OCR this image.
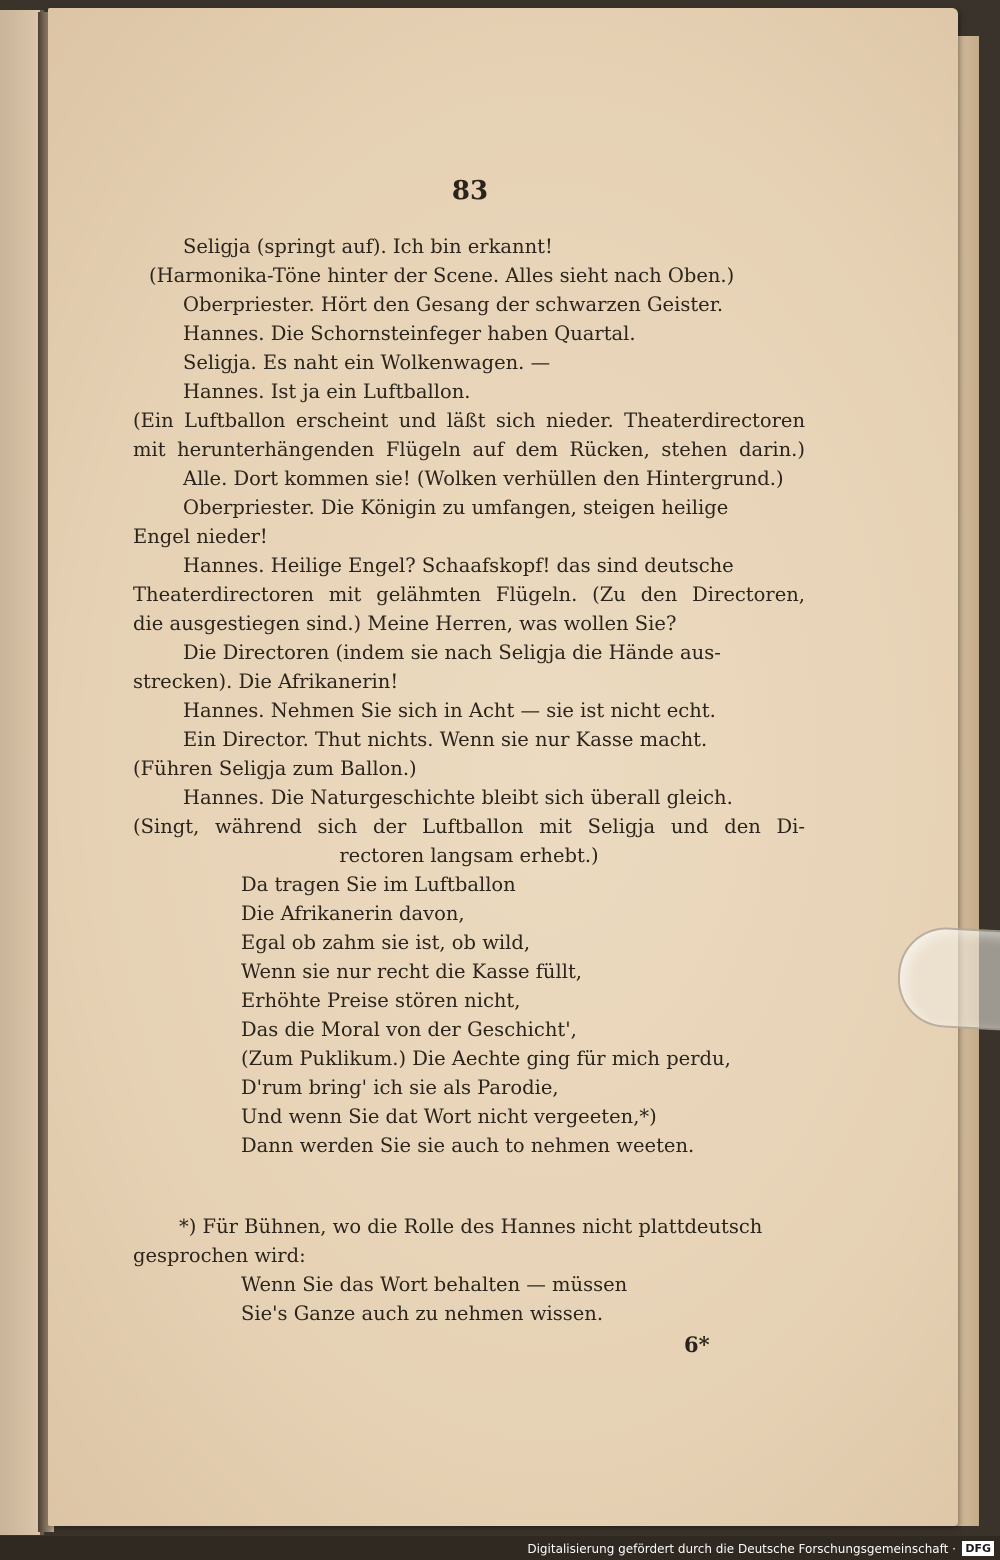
83
Seligja (springt auf). Ich bin erkannt!
(Harmonika-Töne hinter der Scene. Alles sieht nach Oben.)
Oberpriester. Hört den Gesang der schwarzen Geister.
Hannes. Die Schornsteinfeger haben Quartal.
Seligja. Es naht ein Wolkenwagen. —
Hannes. Ist ja ein Luftballon.
(Ein Luftballon erscheint und läßt sich nieder. Theaterdirectoren
mit herunterhängenden Flügeln auf dem Rücken, stehen darin.)
Alle. Dort kommen sie! (Wolken verhüllen den Hintergrund.)
Oberpriester. Die Königin zu umfangen, steigen heilige
Engel nieder!
Hannes. Heilige Engel? Schaafskopf! das sind deutsche
Theaterdirectoren mit gelähmten Flügeln. (Zu den Directoren,
die ausgestiegen sind.) Meine Herren, was wollen Sie?
Die Directoren (indem sie nach Seligja die Hände aus-
strecken). Die Afrikanerin!
Hannes. Nehmen Sie sich in Acht — sie ist nicht echt.
Ein Director. Thut nichts. Wenn sie nur Kasse macht.
(Führen Seligja zum Ballon.)
Hannes. Die Naturgeschichte bleibt sich überall gleich.
(Singt, während sich der Luftballon mit Seligja und den Di-
rectoren langsam erhebt.)
Da tragen Sie im Luftballon
Die Afrikanerin davon,
Egal ob zahm sie ist, ob wild,
Wenn sie nur recht die Kasse füllt,
Erhöhte Preise stören nicht,
Das die Moral von der Geschicht',
(Zum Puklikum.) Die Aechte ging für mich perdu,
D'rum bring' ich sie als Parodie,
Und wenn Sie dat Wort nicht vergeeten,*)
Dann werden Sie sie auch to nehmen weeten.
*) Für Bühnen, wo die Rolle des Hannes nicht plattdeutsch
gesprochen wird:
Wenn Sie das Wort behalten — müssen
Sie's Ganze auch zu nehmen wissen.
6*
Digitalisierung gefördert durch die Deutsche Forschungsgemeinschaft · DFG
